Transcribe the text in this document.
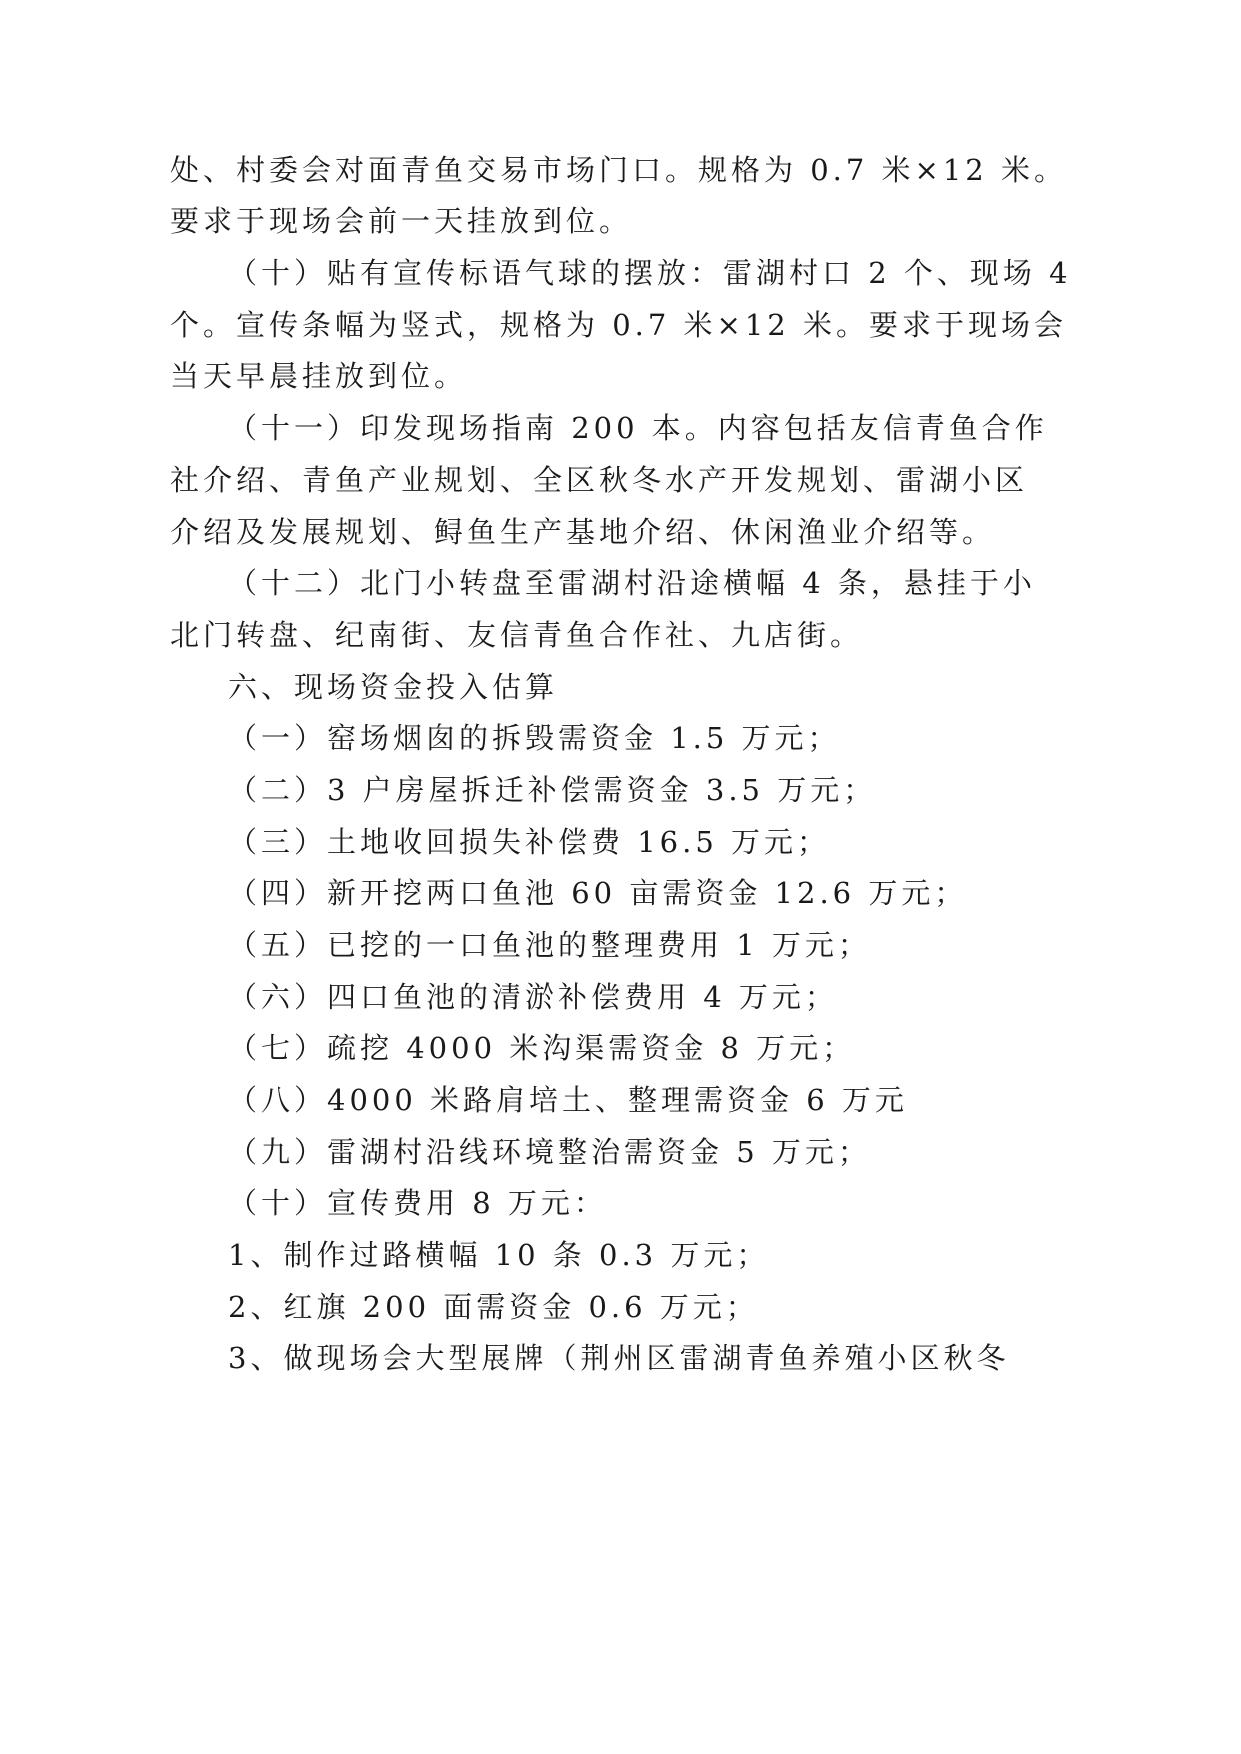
处、村委会对面青鱼交易市场门口。规格为 0.7 米×12 米。
要求于现场会前一天挂放到位。
（十）贴有宣传标语气球的摆放：雷湖村口 2 个、现场 4
个。宣传条幅为竖式，规格为 0.7 米×12 米。要求于现场会
当天早晨挂放到位。
（十一）印发现场指南 200 本。内容包括友信青鱼合作
社介绍、青鱼产业规划、全区秋冬水产开发规划、雷湖小区
介绍及发展规划、鲟鱼生产基地介绍、休闲渔业介绍等。
（十二）北门小转盘至雷湖村沿途横幅 4 条，悬挂于小
北门转盘、纪南街、友信青鱼合作社、九店街。
六、现场资金投入估算
（一）窑场烟囱的拆毁需资金 1.5 万元；
（二）3 户房屋拆迁补偿需资金 3.5 万元；
（三）土地收回损失补偿费 16.5 万元；
（四）新开挖两口鱼池 60 亩需资金 12.6 万元；
（五）已挖的一口鱼池的整理费用 1 万元；
（六）四口鱼池的清淤补偿费用 4 万元；
（七）疏挖 4000 米沟渠需资金 8 万元；
（八）4000 米路肩培土、整理需资金 6 万元
（九）雷湖村沿线环境整治需资金 5 万元；
（十）宣传费用 8 万元：
1、制作过路横幅 10 条 0.3 万元；
2、红旗 200 面需资金 0.6 万元；
3、做现场会大型展牌（荆州区雷湖青鱼养殖小区秋冬
